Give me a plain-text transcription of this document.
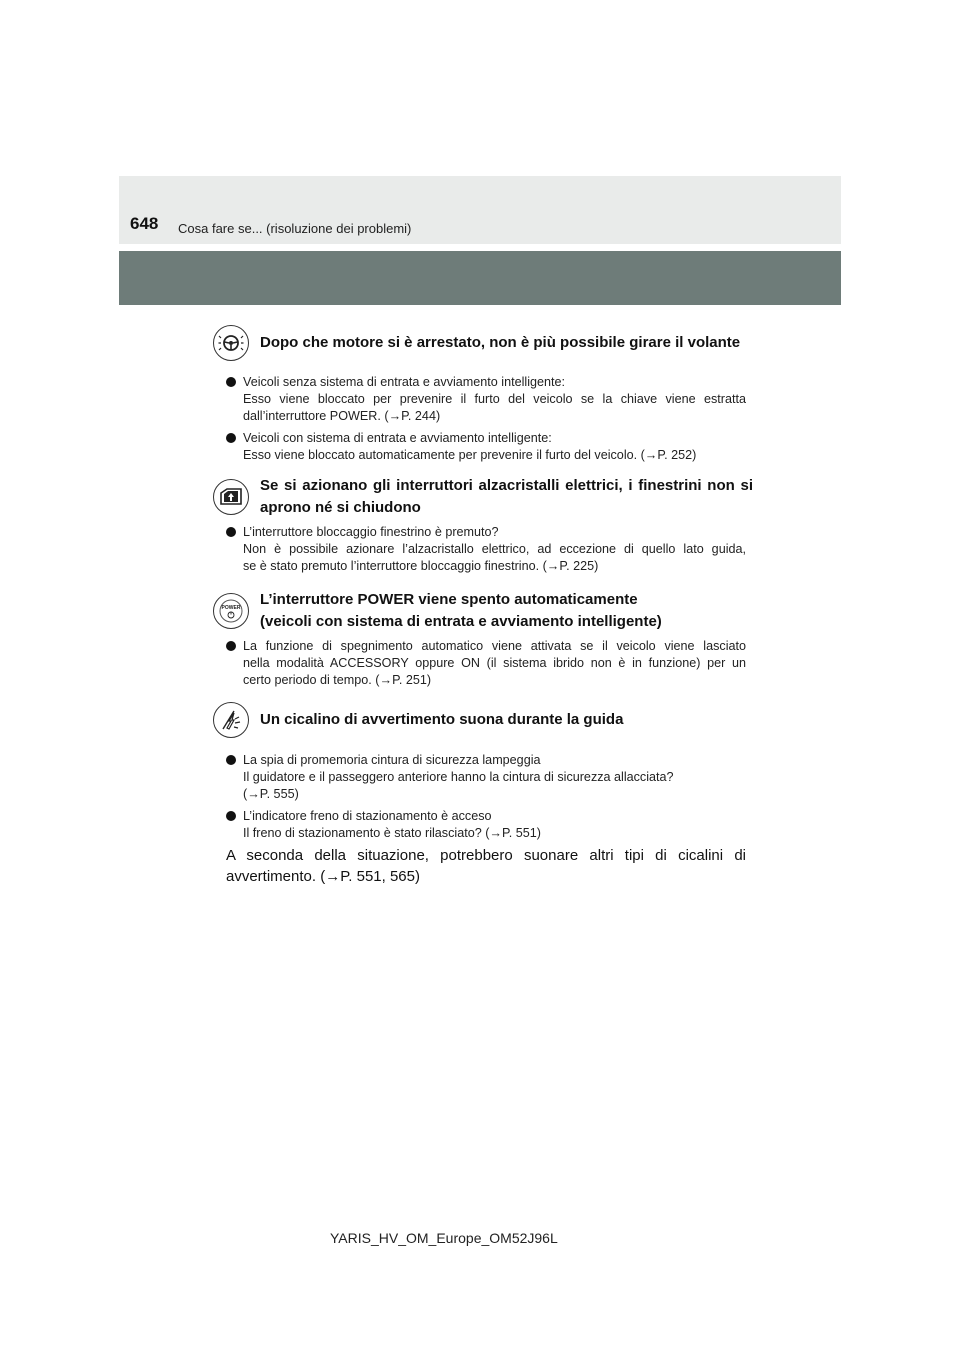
648 Cosa fare se... (risoluzione dei problemi)
Dopo che motore si è arrestato, non è più possibile girare il volante
Veicoli senza sistema di entrata e avviamento intelligente:
Esso viene bloccato per prevenire il furto del veicolo se la chiave viene estratta
dall’interruttore POWER. (→P. 244)
Veicoli con sistema di entrata e avviamento intelligente:
Esso viene bloccato automaticamente per prevenire il furto del veicolo. (→P. 252)
Se si azionano gli interruttori alzacristalli elettrici, i finestrini non si
aprono né si chiudono
L’interruttore bloccaggio finestrino è premuto?
Non è possibile azionare l’alzacristallo elettrico, ad eccezione di quello lato guida,
se è stato premuto l’interruttore bloccaggio finestrino. (→P. 225)
POWER L’interruttore POWER viene spento automaticamente
(veicoli con sistema di entrata e avviamento intelligente)
La funzione di spegnimento automatico viene attivata se il veicolo viene lasciato
nella modalità ACCESSORY oppure ON (il sistema ibrido non è in funzione) per un
certo periodo di tempo. (→P. 251)
Un cicalino di avvertimento suona durante la guida
La spia di promemoria cintura di sicurezza lampeggia
Il guidatore e il passeggero anteriore hanno la cintura di sicurezza allacciata?
(→P. 555)
L’indicatore freno di stazionamento è acceso
Il freno di stazionamento è stato rilasciato? (→P. 551)
A seconda della situazione, potrebbero suonare altri tipi di cicalini di
avvertimento. (→P. 551, 565)
YARIS_HV_OM_Europe_OM52J96L
